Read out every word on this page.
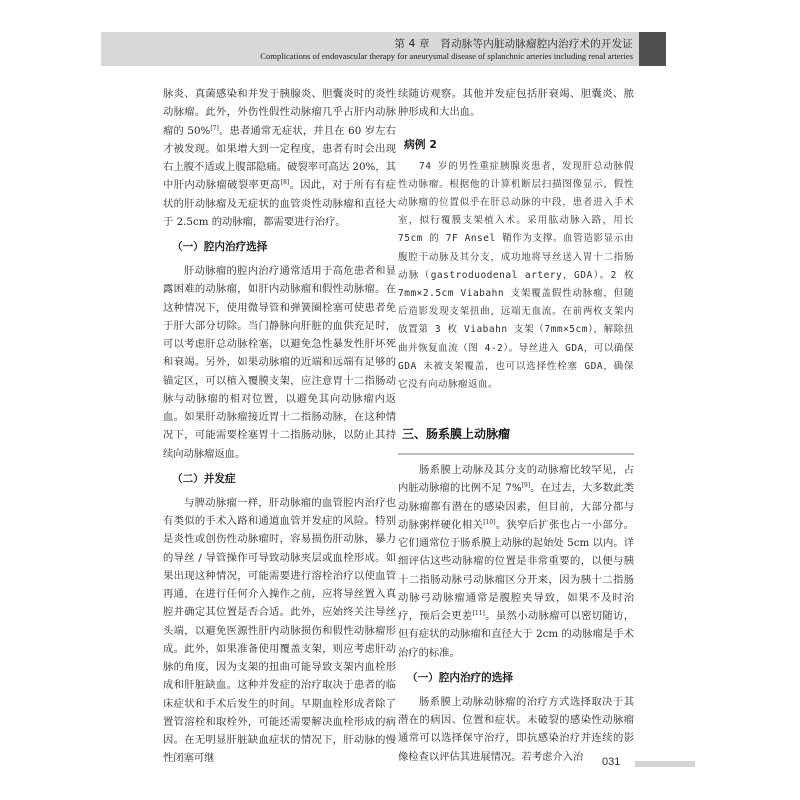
第 4 章　肾动脉等内脏动脉瘤腔内治疗术的开发证
Complications of endovascular therapy for aneurysmal disease of splanchnic arteries including renal arteries

脉炎、真菌感染和并发于胰腺炎、胆囊炎时的炎性动脉瘤。此外，外伤性假性动脉瘤几乎占肝内动脉瘤的 50%[7]。患者通常无症状，并且在 60 岁左右才被发现。如果增大到一定程度，患者有时会出现右上腹不适或上腹部隐痛。破裂率可高达 20%，其中肝内动脉瘤破裂率更高[8]。因此，对于所有有症状的肝动脉瘤及无症状的血管炎性动脉瘤和直径大于 2.5cm 的动脉瘤，都需要进行治疗。

（一）腔内治疗选择

肝动脉瘤的腔内治疗通常适用于高危患者和显露困难的动脉瘤，如肝内动脉瘤和假性动脉瘤。在这种情况下，使用微导管和弹簧圈栓塞可使患者免于肝大部分切除。当门静脉向肝脏的血供充足时，可以考虑肝总动脉栓塞，以避免急性暴发性肝坏死和衰竭。另外，如果动脉瘤的近端和远端有足够的锚定区，可以植入覆膜支架，应注意胃十二指肠动脉与动脉瘤的相对位置，以避免其向动脉瘤内返血。如果肝动脉瘤接近胃十二指肠动脉，在这种情况下，可能需要栓塞胃十二指肠动脉，以防止其持续向动脉瘤返血。

（二）并发症

与脾动脉瘤一样，肝动脉瘤的血管腔内治疗也有类似的手术入路和通道血管并发症的风险。特别是炎性或创伤性动脉瘤时，容易损伤肝动脉，暴力的导丝 / 导管操作可导致动脉夹层或血栓形成。如果出现这种情况，可能需要进行溶栓治疗以使血管再通，在进行任何介入操作之前，应将导丝置入真腔并确定其位置是否合适。此外，应始终关注导丝头端，以避免医源性肝内动脉损伤和假性动脉瘤形成。此外，如果准备使用覆盖支架，则应考虑肝动脉的角度，因为支架的扭曲可能导致支架内血栓形成和肝脏缺血。这种并发症的治疗取决于患者的临床症状和手术后发生的时间。早期血栓形成者除了置管溶栓和取栓外，可能还需要解决血栓形成的病因。在无明显肝脏缺血症状的情况下，肝动脉的慢性闭塞可继

续随访观察。其他并发症包括肝衰竭、胆囊炎、脓肿形成和大出血。

病例 2

74 岁的男性重症胰腺炎患者，发现肝总动脉假性动脉瘤。根据他的计算机断层扫描图像显示，假性动脉瘤的位置似乎在肝总动脉的中段，患者进入手术室，拟行覆膜支架植入术。采用肱动脉入路，用长 75cm 的 7F Ansel 鞘作为支撑。血管造影显示由腹腔干动脉及其分支，成功地将导丝送入胃十二指肠动脉（gastroduodenal artery，GDA）。2 枚 7mm×2.5cm Viabahn 支架覆盖假性动脉瘤，但随后造影发现支架扭曲，远端无血流。在前两枚支架内放置第 3 枚 Viabahn 支架（7mm×5cm），解除扭曲并恢复血流（图 4-2）。导丝进入 GDA，可以确保 GDA 未被支架覆盖，也可以选择性栓塞 GDA，确保它没有向动脉瘤返血。

三、肠系膜上动脉瘤

肠系膜上动脉及其分支的动脉瘤比较罕见，占内脏动脉瘤的比例不足 7%[9]。在过去，大多数此类动脉瘤都有潜在的感染因素，但目前，大部分都与动脉粥样硬化相关[10]。狭窄后扩张也占一小部分。它们通常位于肠系膜上动脉的起始处 5cm 以内。详细评估这些动脉瘤的位置是非常重要的，以便与胰十二指肠动脉弓动脉瘤区分开来，因为胰十二指肠动脉弓动脉瘤通常是腹腔夹导致，如果不及时治疗，预后会更差[11]。虽然小动脉瘤可以密切随访，但有症状的动脉瘤和直径大于 2cm 的动脉瘤是手术治疗的标准。

（一）腔内治疗的选择

肠系膜上动脉动脉瘤的治疗方式选择取决于其潜在的病因、位置和症状。未破裂的感染性动脉瘤通常可以选择保守治疗，即抗感染治疗并连续的影像检查以评估其进展情况。若考虑介入治	031
